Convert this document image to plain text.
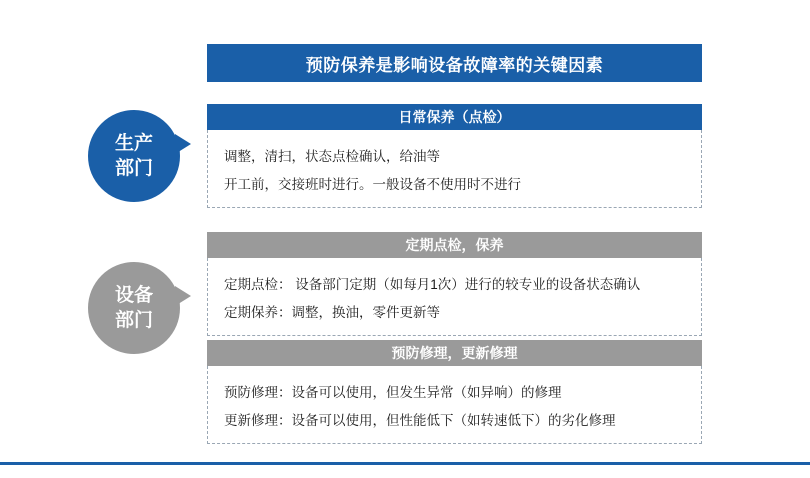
预防保养是影响设备故障率的关键因素
生产
部门
设备
部门
日常保养（点检）
调整，清扫，状态点检确认，给油等
开工前，交接班时进行。一般设备不使用时不进行
定期点检，保养
定期点检： 设备部门定期（如每月1次）进行的较专业的设备状态确认
定期保养：调整，换油，零件更新等
预防修理，更新修理
预防修理：设备可以使用，但发生异常（如异响）的修理
更新修理：设备可以使用，但性能低下（如转速低下）的劣化修理
